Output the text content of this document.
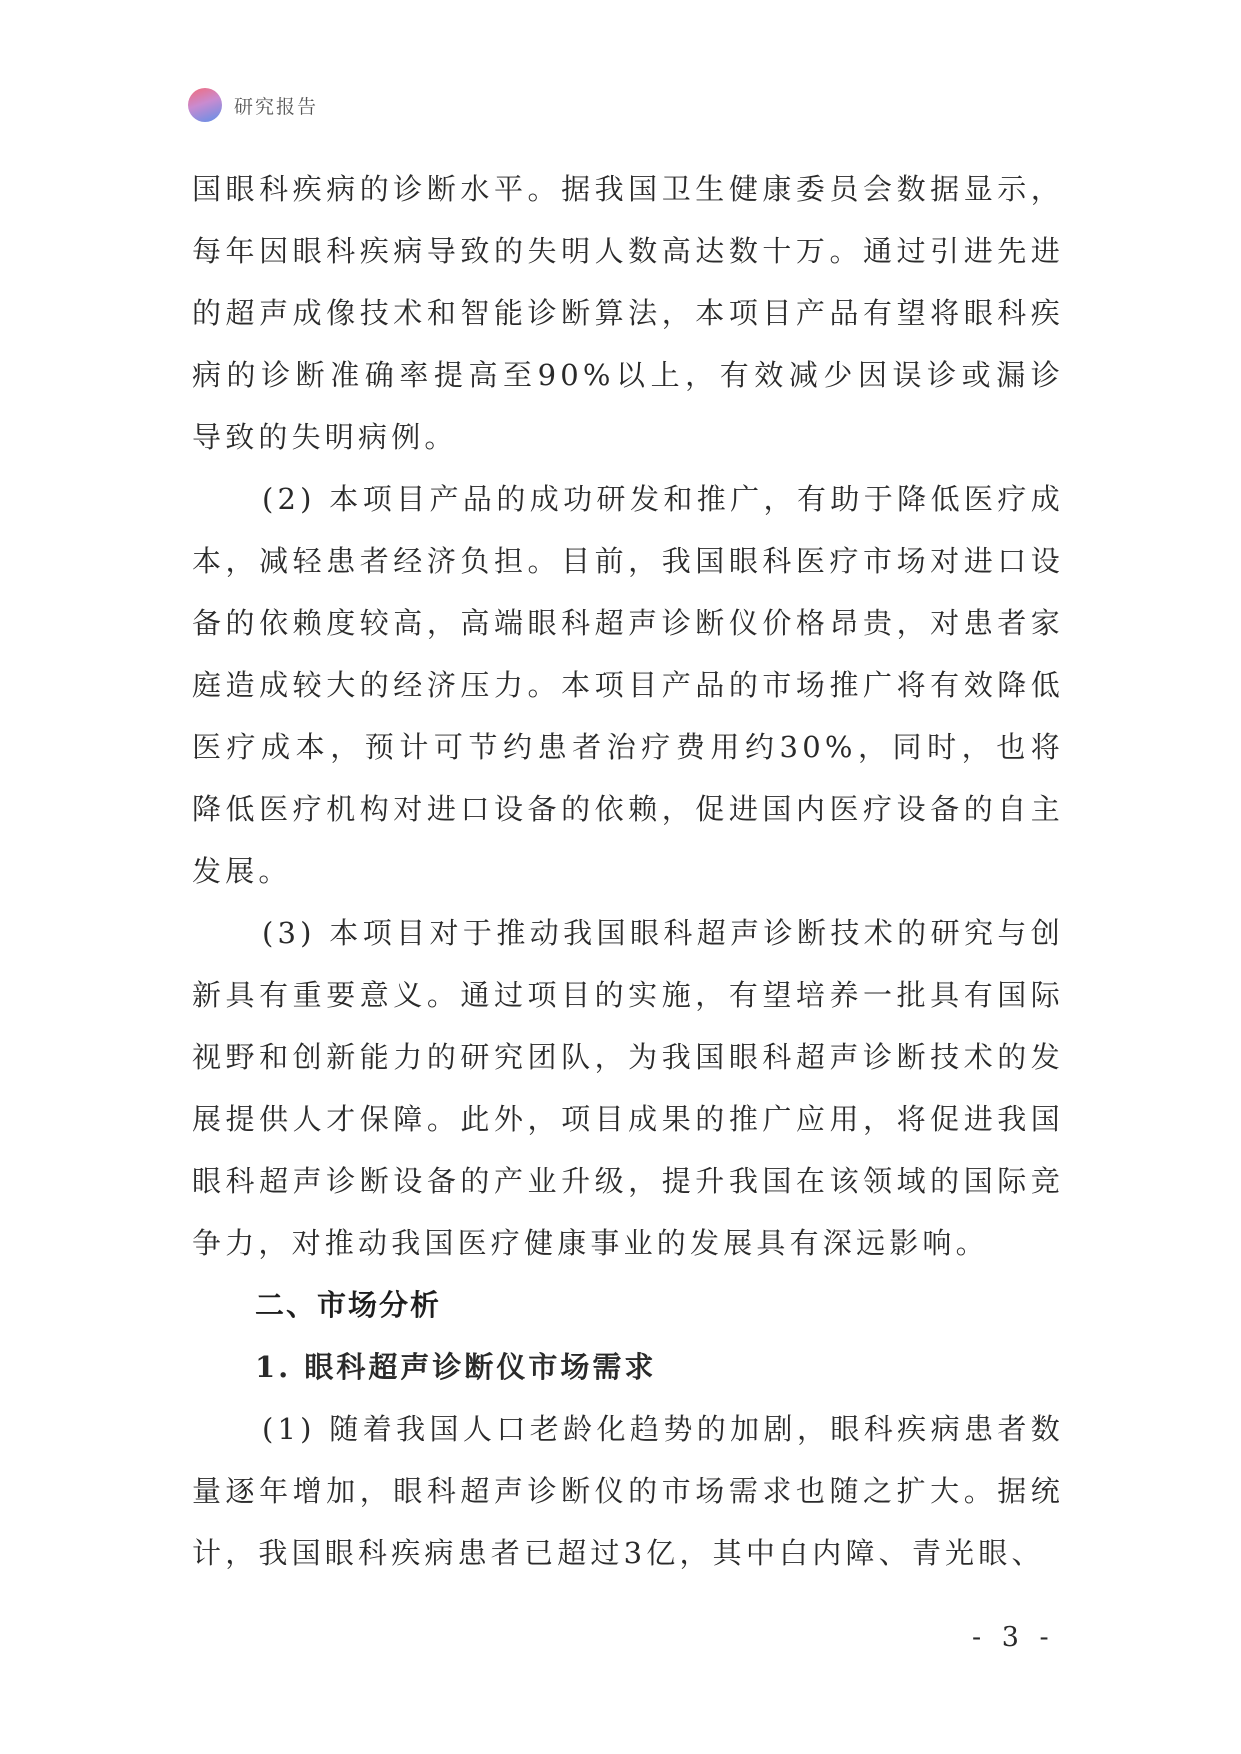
研究报告

国眼科疾病的诊断水平。据我国卫生健康委员会数据显示，每年因眼科疾病导致的失明人数高达数十万。通过引进先进的超声成像技术和智能诊断算法，本项目产品有望将眼科疾病的诊断准确率提高至90%以上，有效减少因误诊或漏诊导致的失明病例。

(2) 本项目产品的成功研发和推广，有助于降低医疗成本，减轻患者经济负担。目前，我国眼科医疗市场对进口设备的依赖度较高，高端眼科超声诊断仪价格昂贵，对患者家庭造成较大的经济压力。本项目产品的市场推广将有效降低医疗成本，预计可节约患者治疗费用约30%，同时，也将降低医疗机构对进口设备的依赖，促进国内医疗设备的自主发展。

(3) 本项目对于推动我国眼科超声诊断技术的研究与创新具有重要意义。通过项目的实施，有望培养一批具有国际视野和创新能力的研究团队，为我国眼科超声诊断技术的发展提供人才保障。此外，项目成果的推广应用，将促进我国眼科超声诊断设备的产业升级，提升我国在该领域的国际竞争力，对推动我国医疗健康事业的发展具有深远影响。

二、市场分析
1. 眼科超声诊断仪市场需求

(1) 随着我国人口老龄化趋势的加剧，眼科疾病患者数量逐年增加，眼科超声诊断仪的市场需求也随之扩大。据统计，我国眼科疾病患者已超过3亿，其中白内障、青光眼、

- 3 -
